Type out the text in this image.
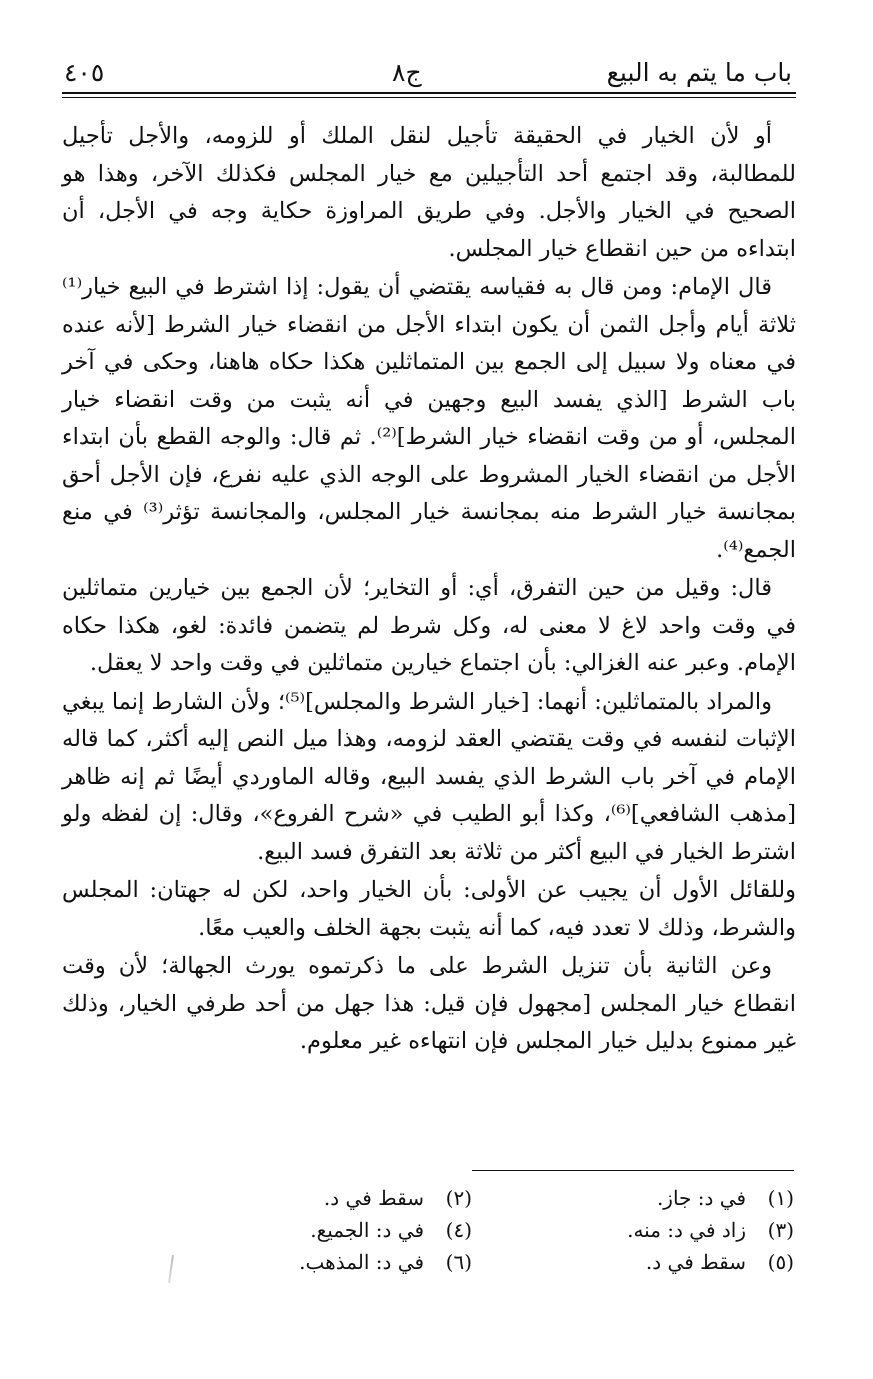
باب ما يتم به البيع
ج٨
٤٠٥

أو لأن الخيار في الحقيقة تأجيل لنقل الملك أو للزومه، والأجل تأجيل للمطالبة، وقد اجتمع أحد التأجيلين مع خيار المجلس فكذلك الآخر، وهذا هو الصحيح في الخيار والأجل. وفي طريق المراوزة حكاية وجه في الأجل، أن ابتداءه من حين انقطاع خيار المجلس.

قال الإمام: ومن قال به فقياسه يقتضي أن يقول: إذا اشترط في البيع خيار⁽¹⁾ ثلاثة أيام وأجل الثمن أن يكون ابتداء الأجل من انقضاء خيار الشرط [لأنه عنده في معناه ولا سبيل إلى الجمع بين المتماثلين هكذا حكاه هاهنا، وحكى في آخر باب الشرط [الذي يفسد البيع وجهين في أنه يثبت من وقت انقضاء خيار المجلس، أو من وقت انقضاء خيار الشرط]⁽²⁾. ثم قال: والوجه القطع بأن ابتداء الأجل من انقضاء الخيار المشروط على الوجه الذي عليه نفرع، فإن الأجل أحق بمجانسة خيار الشرط منه بمجانسة خيار المجلس، والمجانسة تؤثر⁽³⁾ في منع الجمع⁽⁴⁾.

قال: وقيل من حين التفرق، أي: أو التخاير؛ لأن الجمع بين خيارين متماثلين في وقت واحد لاغ لا معنى له، وكل شرط لم يتضمن فائدة: لغو، هكذا حكاه الإمام. وعبر عنه الغزالي: بأن اجتماع خيارين متماثلين في وقت واحد لا يعقل.

والمراد بالمتماثلين: أنهما: [خيار الشرط والمجلس]⁽⁵⁾؛ ولأن الشارط إنما يبغي الإثبات لنفسه في وقت يقتضي العقد لزومه، وهذا ميل النص إليه أكثر، كما قاله الإمام في آخر باب الشرط الذي يفسد البيع، وقاله الماوردي أيضًا ثم إنه ظاهر [مذهب الشافعي]⁽⁶⁾، وكذا أبو الطيب في «شرح الفروع»، وقال: إن لفظه ولو اشترط الخيار في البيع أكثر من ثلاثة بعد التفرق فسد البيع.

وللقائل الأول أن يجيب عن الأولى: بأن الخيار واحد، لكن له جهتان: المجلس والشرط، وذلك لا تعدد فيه، كما أنه يثبت بجهة الخلف والعيب معًا.

وعن الثانية بأن تنزيل الشرط على ما ذكرتموه يورث الجهالة؛ لأن وقت انقطاع خيار المجلس [مجهول فإن قيل: هذا جهل من أحد طرفي الخيار، وذلك غير ممنوع بدليل خيار المجلس فإن انتهاءه غير معلوم.

(١)
في د: جاز.
(٢)
سقط في د.
(٣)
زاد في د: منه.
(٤)
في د: الجميع.
(٥)
سقط في د.
(٦)
في د: المذهب.
